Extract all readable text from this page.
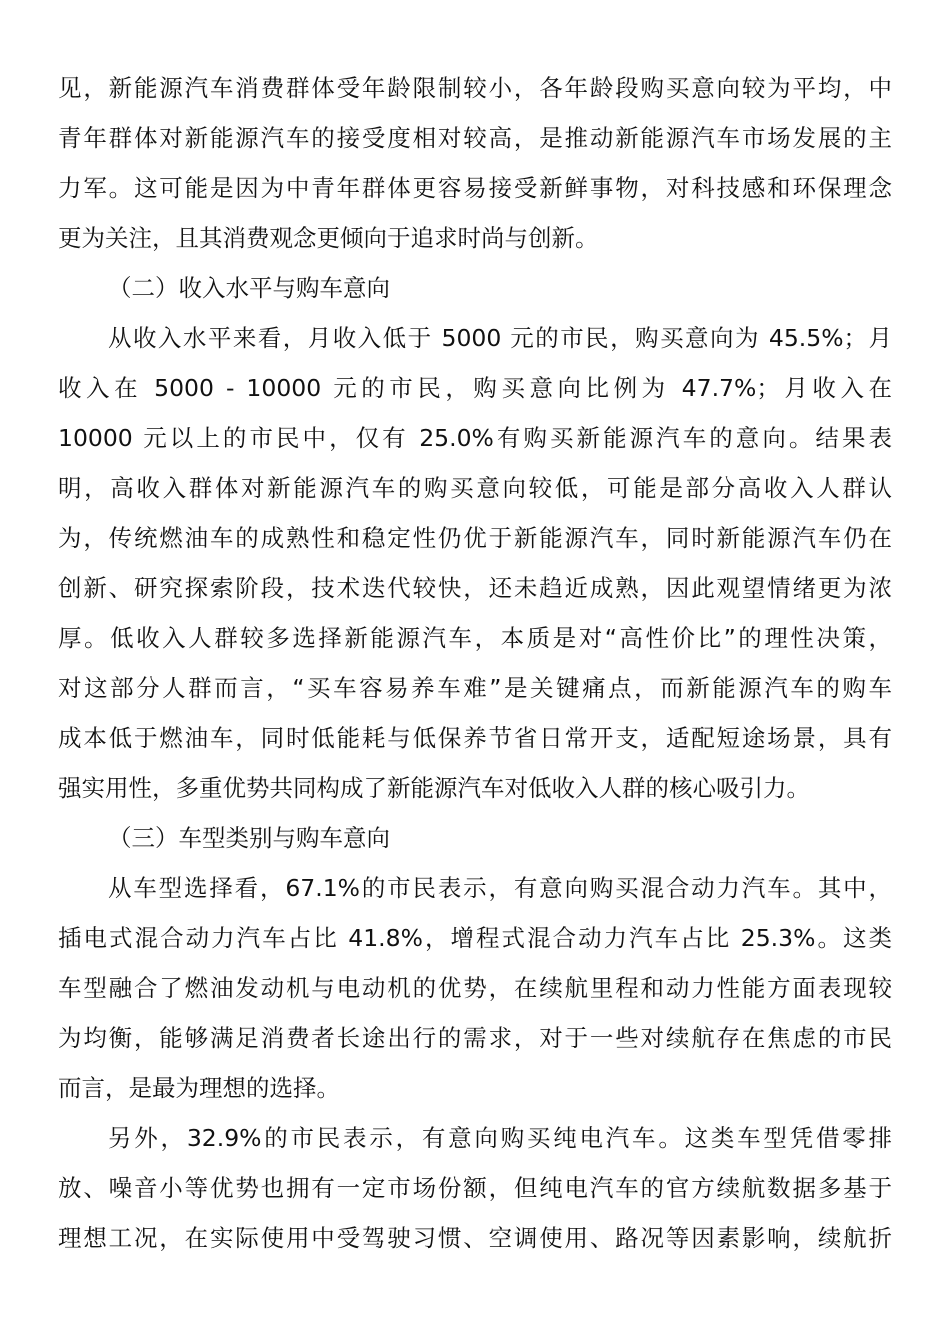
见，新能源汽车消费群体受年龄限制较小，各年龄段购买意向较为平均，中
青年群体对新能源汽车的接受度相对较高，是推动新能源汽车市场发展的主
力军。这可能是因为中青年群体更容易接受新鲜事物，对科技感和环保理念
更为关注，且其消费观念更倾向于追求时尚与创新。
（二）收入水平与购车意向
从收入水平来看，月收入低于 5000 元的市民，购买意向为 45.5%；月
收入在 5000 - 10000 元的市民，购买意向比例为 47.7%；月收入在
10000 元以上的市民中，仅有 25.0%有购买新能源汽车的意向。结果表
明，高收入群体对新能源汽车的购买意向较低，可能是部分高收入人群认
为，传统燃油车的成熟性和稳定性仍优于新能源汽车，同时新能源汽车仍在
创新、研究探索阶段，技术迭代较快，还未趋近成熟，因此观望情绪更为浓
厚。低收入人群较多选择新能源汽车，本质是对“高性价比”的理性决策，
对这部分人群而言，“买车容易养车难”是关键痛点，而新能源汽车的购车
成本低于燃油车，同时低能耗与低保养节省日常开支，适配短途场景，具有
强实用性，多重优势共同构成了新能源汽车对低收入人群的核心吸引力。
（三）车型类别与购车意向
从车型选择看，67.1%的市民表示，有意向购买混合动力汽车。其中，
插电式混合动力汽车占比 41.8%，增程式混合动力汽车占比 25.3%。这类
车型融合了燃油发动机与电动机的优势，在续航里程和动力性能方面表现较
为均衡，能够满足消费者长途出行的需求，对于一些对续航存在焦虑的市民
而言，是最为理想的选择。
另外，32.9%的市民表示，有意向购买纯电汽车。这类车型凭借零排
放、噪音小等优势也拥有一定市场份额，但纯电汽车的官方续航数据多基于
理想工况，在实际使用中受驾驶习惯、空调使用、路况等因素影响，续航折
